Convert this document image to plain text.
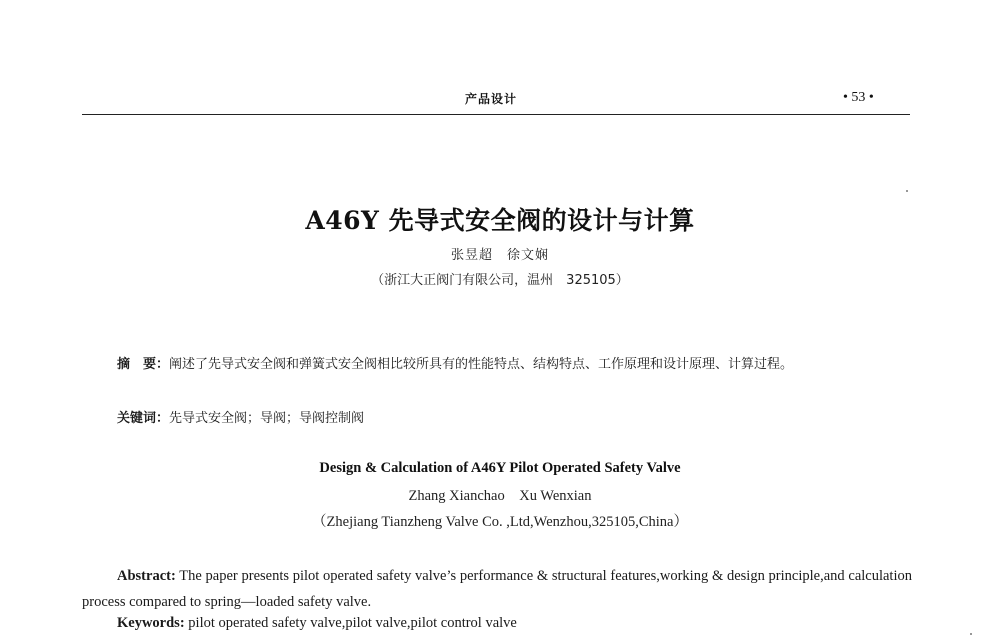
产品设计	• 53 •
A46Y 先导式安全阀的设计与计算
张昱超　徐文娴
（浙江大正阀门有限公司，温州　325105）
摘　要：阐述了先导式安全阀和弹簧式安全阀相比较所具有的性能特点、结构特点、工作原理和设计原理、计算过程。
关键词：先导式安全阀；导阀；导阀控制阀
Design & Calculation of A46Y Pilot Operated Safety Valve
Zhang Xianchao　Xu Wenxian
（Zhejiang Tianzheng Valve Co. ,Ltd,Wenzhou,325105,China）
Abstract: The paper presents pilot operated safety valve’s performance & structural features,working & design principle,and calculation process compared to spring—loaded safety valve.
Keywords: pilot operated safety valve,pilot valve,pilot control valve
